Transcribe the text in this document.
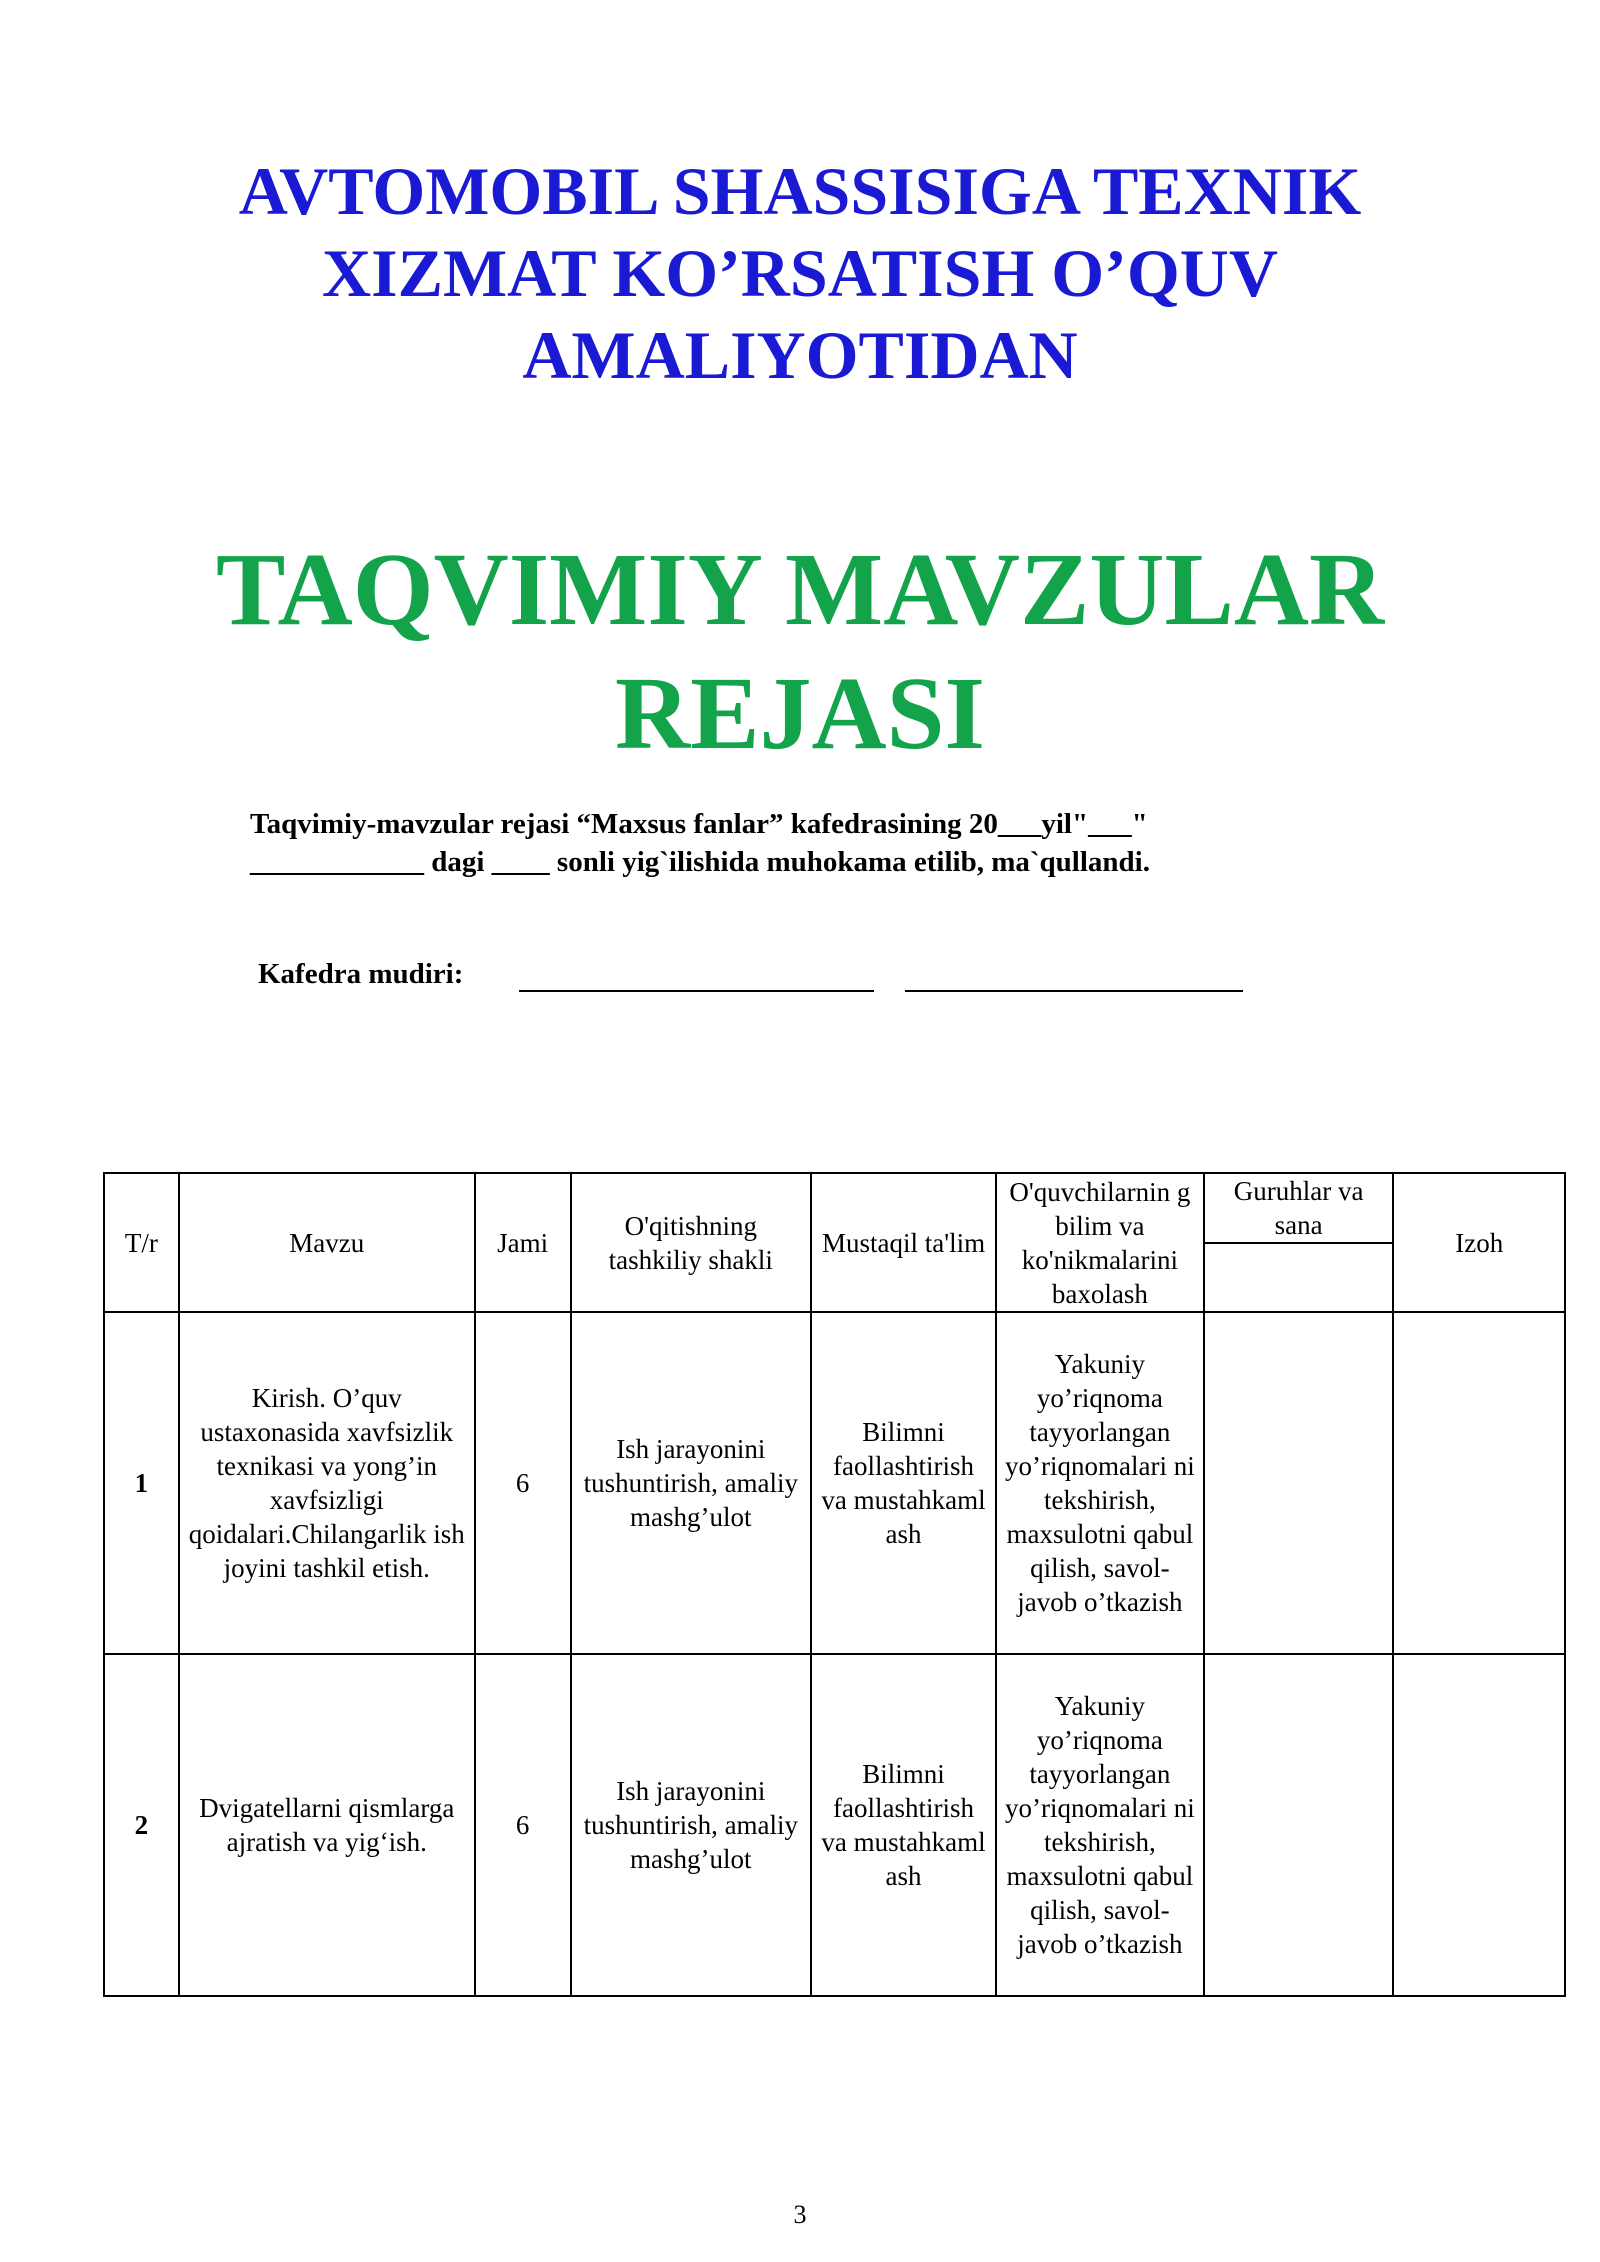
AVTOMOBIL SHASSISIGA TEXNIK
XIZMAT KO’RSATISH O’QUV
AMALIYOTIDAN
TAQVIMIY MAVZULAR
REJASI
Taqvimiy-mavzular rejasi “Maxsus fanlar” kafedrasining 20___yil"___"
____________ dagi ____ sonli yig`ilishida muhokama etilib, ma`qullandi.
Kafedra mudiri:
T/r	Mavzu	Jami	O'qitishning tashkiliy shakli	Mustaqil ta'lim	O'quvchilarnin g bilim va ko'nikmalarini baxolash	Guruhlar va sana	Izoh

1	Kirish. O’quv ustaxonasida xavfsizlik texnikasi va yong’in xavfsizligi qoidalari.Chilangarlik ish joyini tashkil etish.	6	Ish jarayonini tushuntirish, amaliy mashg’ulot	Bilimni faollashtirish va mustahkaml ash	Yakuniy yo’riqnoma tayyorlangan yo’riqnomalari ni tekshirish, maxsulotni qabul qilish, savol-javob o’tkazish		
2	Dvigatellarni qismlarga ajratish va yig‘ish.	6	Ish jarayonini tushuntirish, amaliy mashg’ulot	Bilimni faollashtirish va mustahkaml ash	Yakuniy yo’riqnoma tayyorlangan yo’riqnomalari ni tekshirish, maxsulotni qabul qilish, savol-javob o’tkazish		
3
